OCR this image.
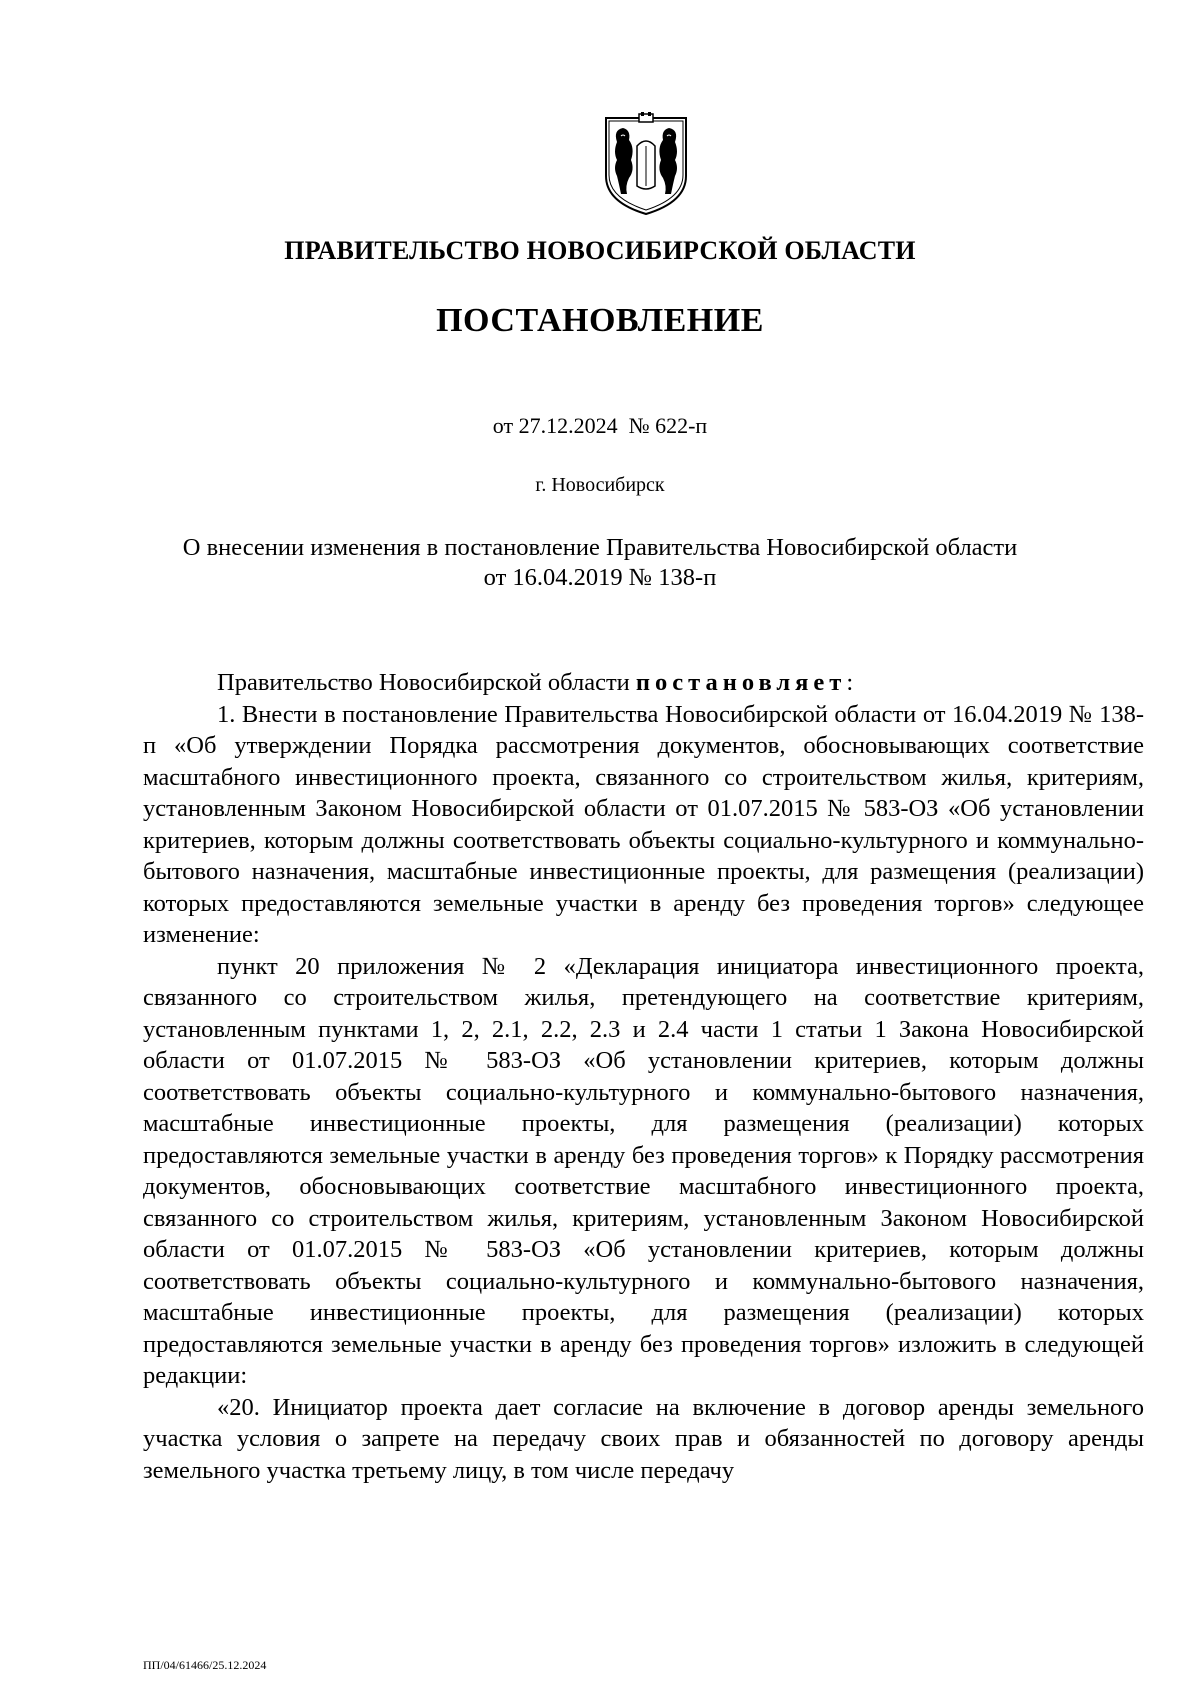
ПРАВИТЕЛЬСТВО НОВОСИБИРСКОЙ ОБЛАСТИ
ПОСТАНОВЛЕНИЕ
от 27.12.2024  № 622-п
г. Новосибирск
О внесении изменения в постановление Правительства Новосибирской области
от 16.04.2019 № 138-п

Правительство Новосибирской области постановляет:

1. Внести в постановление Правительства Новосибирской области от 16.04.2019 № 138-п «Об утверждении Порядка рассмотрения документов, обосновывающих соответствие масштабного инвестиционного проекта, связанного со строительством жилья, критериям, установленным Законом Новосибирской области от 01.07.2015 № 583-ОЗ «Об установлении критериев, которым должны соответствовать объекты социально-культурного и коммунально-бытового назначения, масштабные инвестиционные проекты, для размещения (реализации) которых предоставляются земельные участки в аренду без проведения торгов» следующее изменение:

пункт 20 приложения № 2 «Декларация инициатора инвестиционного проекта, связанного со строительством жилья, претендующего на соответствие критериям, установленным пунктами 1, 2, 2.1, 2.2, 2.3 и 2.4 части 1 статьи 1 Закона Новосибирской области от 01.07.2015 № 583-ОЗ «Об установлении критериев, которым должны соответствовать объекты социально-культурного и коммунально-бытового назначения, масштабные инвестиционные проекты, для размещения (реализации) которых предоставляются земельные участки в аренду без проведения торгов» к Порядку рассмотрения документов, обосновывающих соответствие масштабного инвестиционного проекта, связанного со строительством жилья, критериям, установленным Законом Новосибирской области от 01.07.2015 № 583-ОЗ «Об установлении критериев, которым должны соответствовать объекты социально-культурного и коммунально-бытового назначения, масштабные инвестиционные проекты, для размещения (реализации) которых предоставляются земельные участки в аренду без проведения торгов» изложить в следующей редакции:

«20. Инициатор проекта дает согласие на включение в договор аренды земельного участка условия о запрете на передачу своих прав и обязанностей по договору аренды земельного участка третьему лицу, в том числе передачу

ПП/04/61466/25.12.2024
